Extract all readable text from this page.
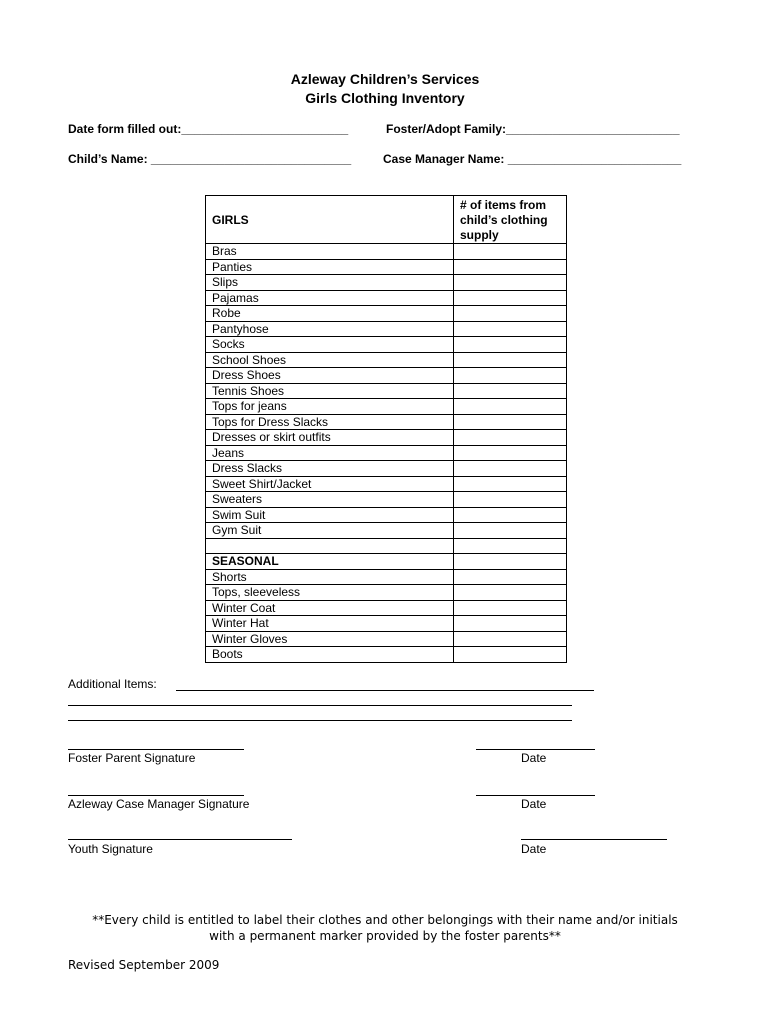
Azleway Children’s Services
Girls Clothing Inventory
Date form filled out:_________________________	Foster/Adopt Family:__________________________
Child’s Name: ______________________________	Case Manager Name: __________________________
GIRLS	# of items from
child’s clothing
supply

Bras	
Panties	
Slips	
Pajamas	
Robe	
Pantyhose	
Socks	
School Shoes	
Dress Shoes	
Tennis Shoes	
Tops for jeans	
Tops for Dress Slacks	
Dresses or skirt outfits	
Jeans	
Dress Slacks	
Sweet Shirt/Jacket	
Sweaters	
Swim Suit	
Gym Suit	

SEASONAL	
Shorts	
Tops, sleeveless	
Winter Coat	
Winter Hat	
Winter Gloves	
Boots	
Additional Items:
Foster Parent Signature	Date
Azleway Case Manager Signature	Date
Youth Signature	Date
**Every child is entitled to label their clothes and other belongings with their name and/or initials
with a permanent marker provided by the foster parents**
Revised September 2009
